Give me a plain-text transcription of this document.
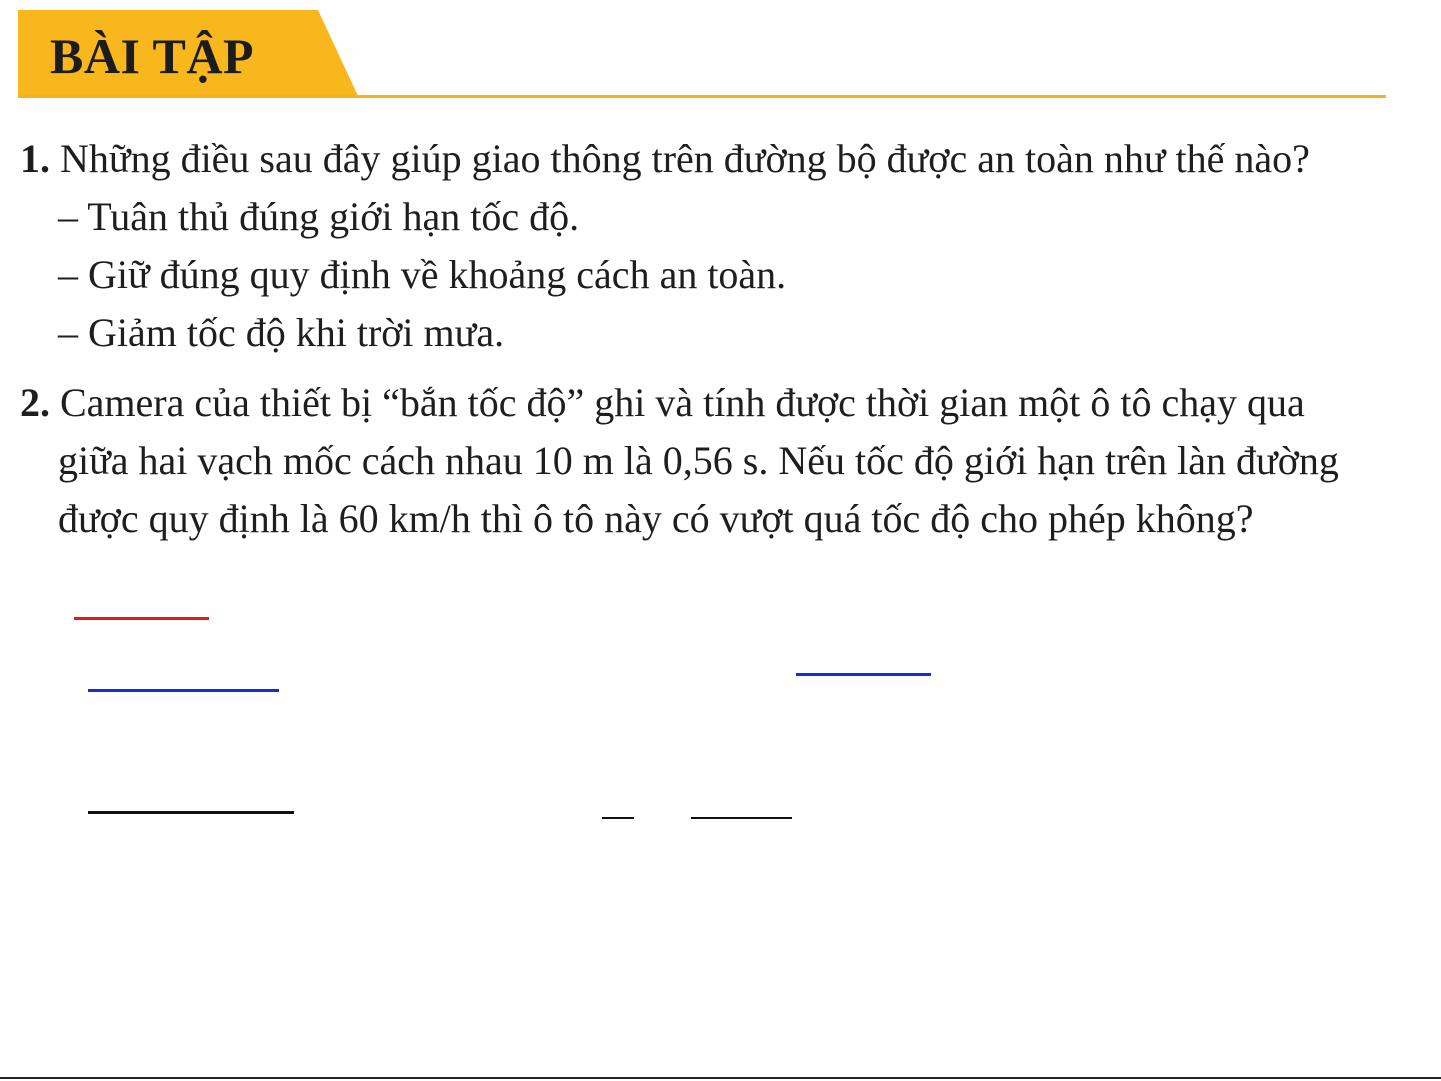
BÀI TẬP
1. Những điều sau đây giúp giao thông trên đường bộ được an toàn như thế nào?
– Tuân thủ đúng giới hạn tốc độ.
– Giữ đúng quy định về khoảng cách an toàn.
– Giảm tốc độ khi trời mưa.
2. Camera của thiết bị “bắn tốc độ” ghi và tính được thời gian một ô tô chạy qua
giữa hai vạch mốc cách nhau 10 m là 0,56 s. Nếu tốc độ giới hạn trên làn đường
được quy định là 60 km/h thì ô tô này có vượt quá tốc độ cho phép không?
